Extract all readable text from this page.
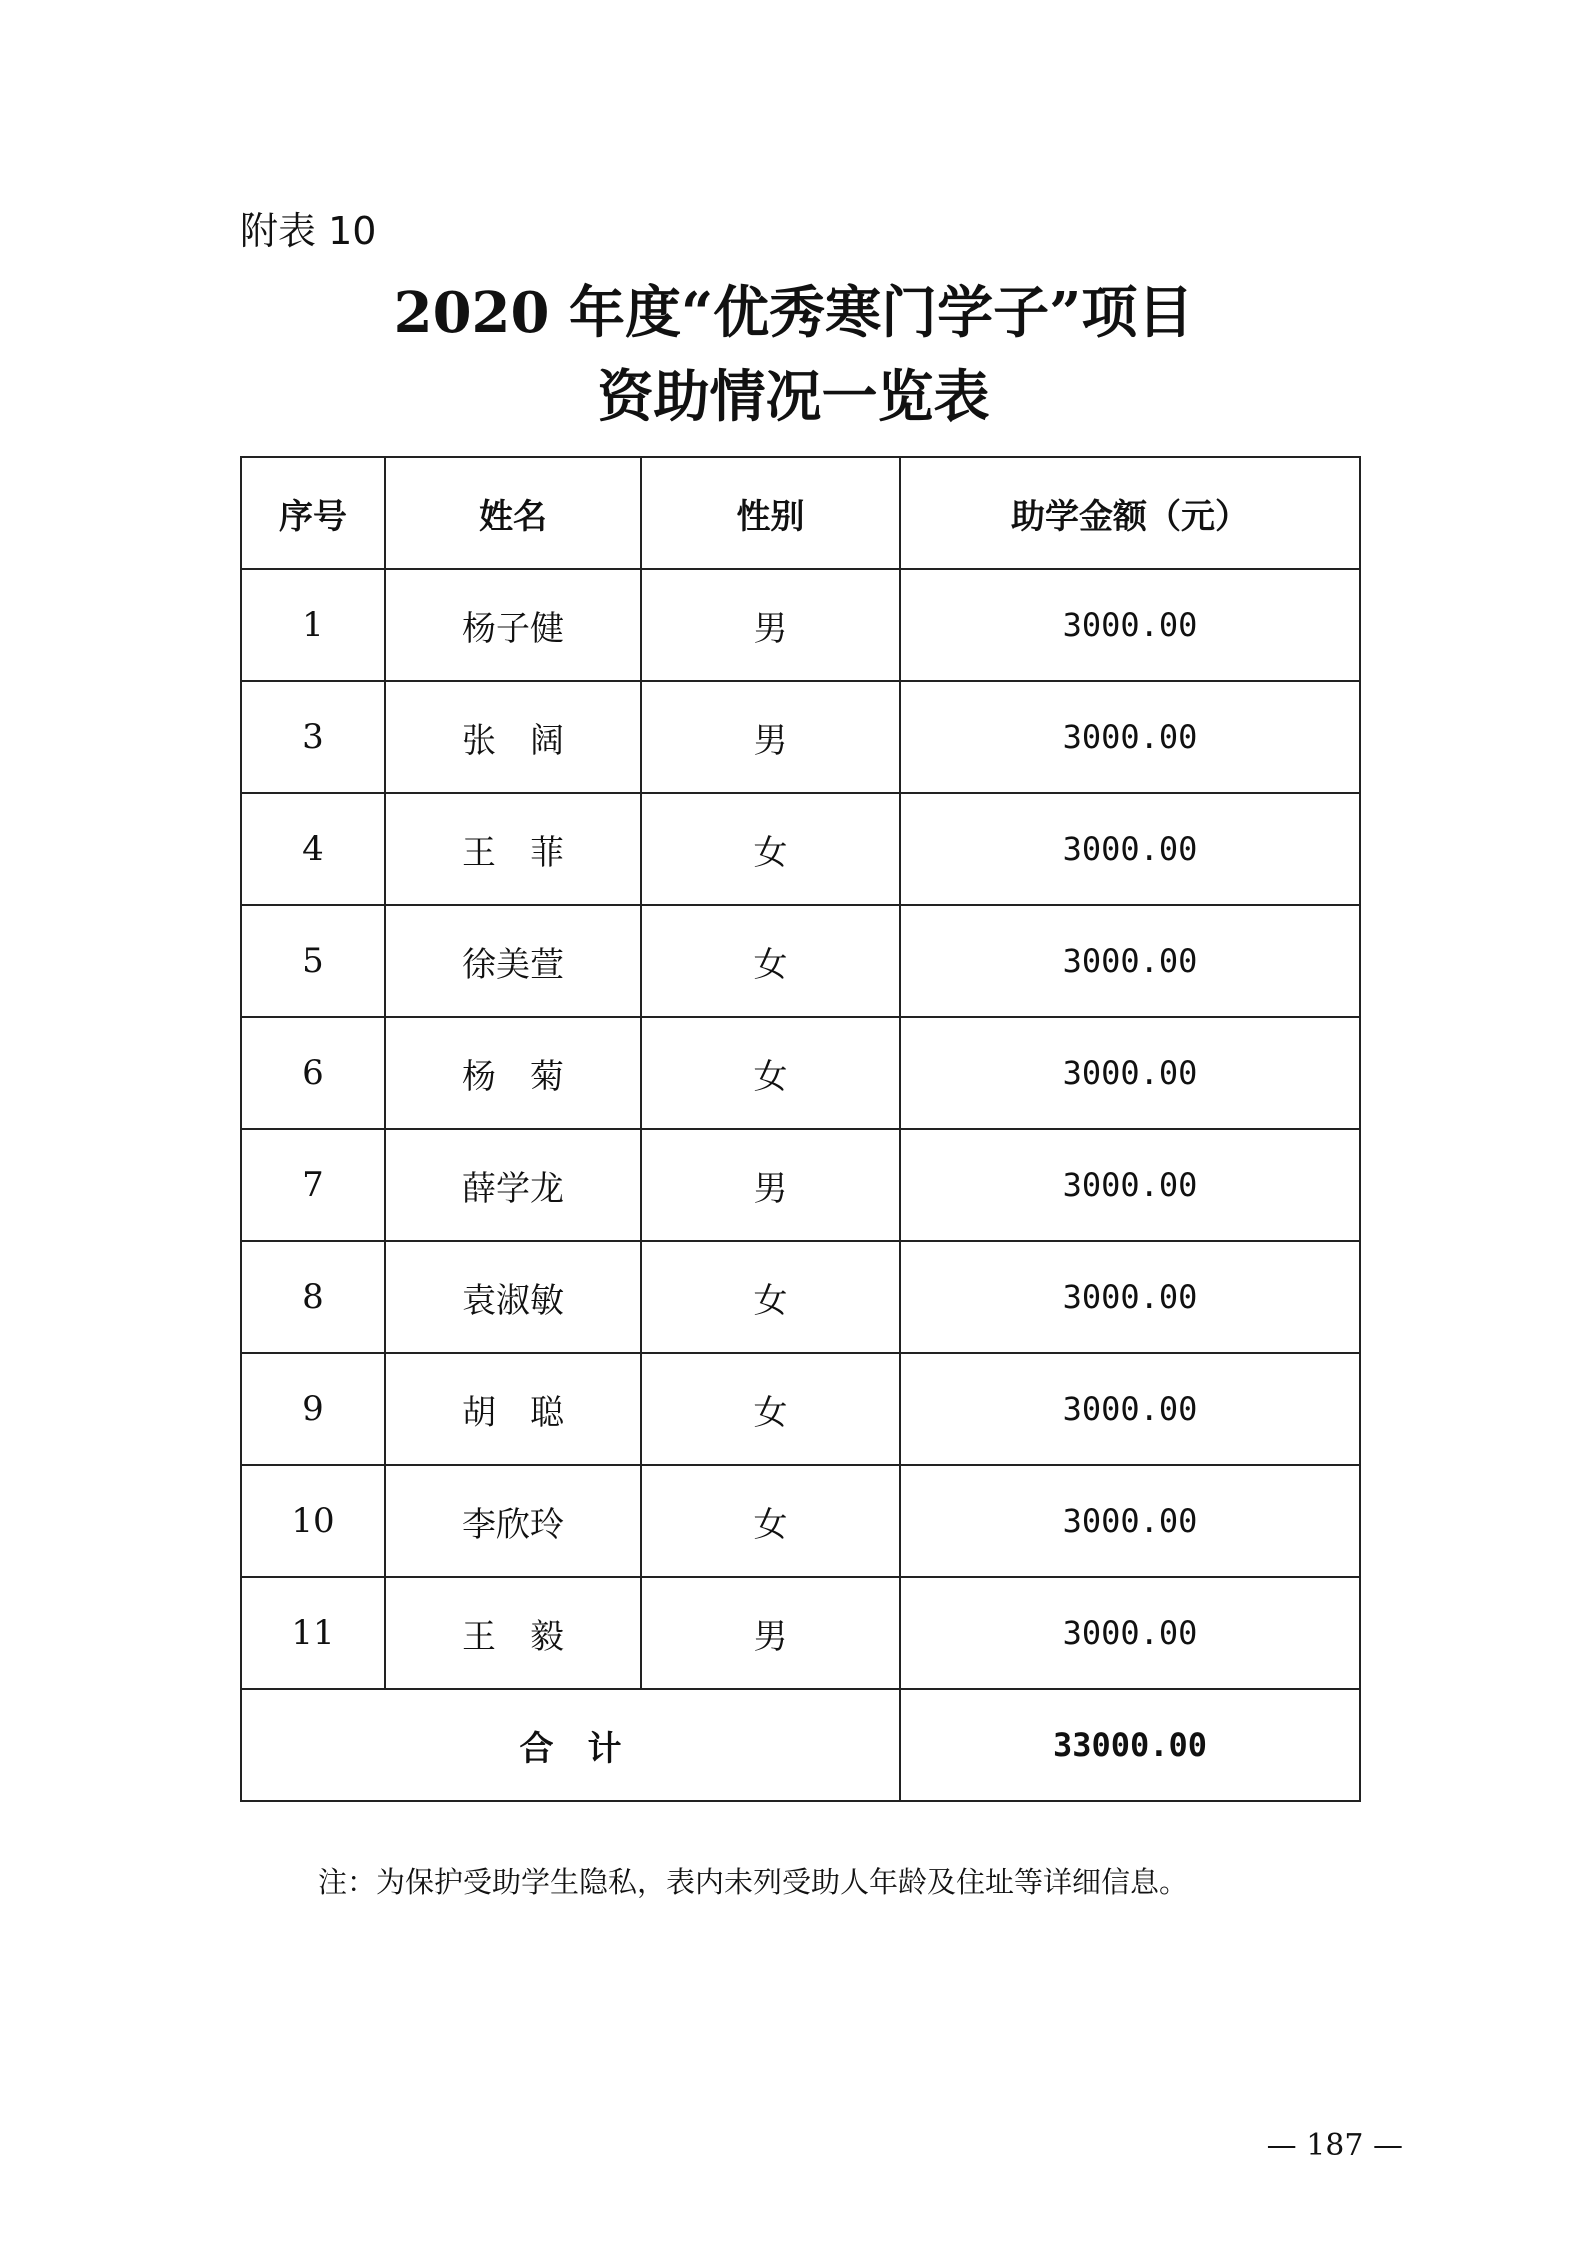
附表 10
2020 年度“优秀寒门学子”项目
资助情况一览表
序号	姓名	性别	助学金额（元）
1	杨子健	男	3000.00
3	张　阔	男	3000.00
4	王　菲	女	3000.00
5	徐美萱	女	3000.00
6	杨　菊	女	3000.00
7	薛学龙	男	3000.00
8	袁淑敏	女	3000.00
9	胡　聪	女	3000.00
10	李欣玲	女	3000.00
11	王　毅	男	3000.00
合　计			33000.00
注：为保护受助学生隐私，表内未列受助人年龄及住址等详细信息。
— 187 —
